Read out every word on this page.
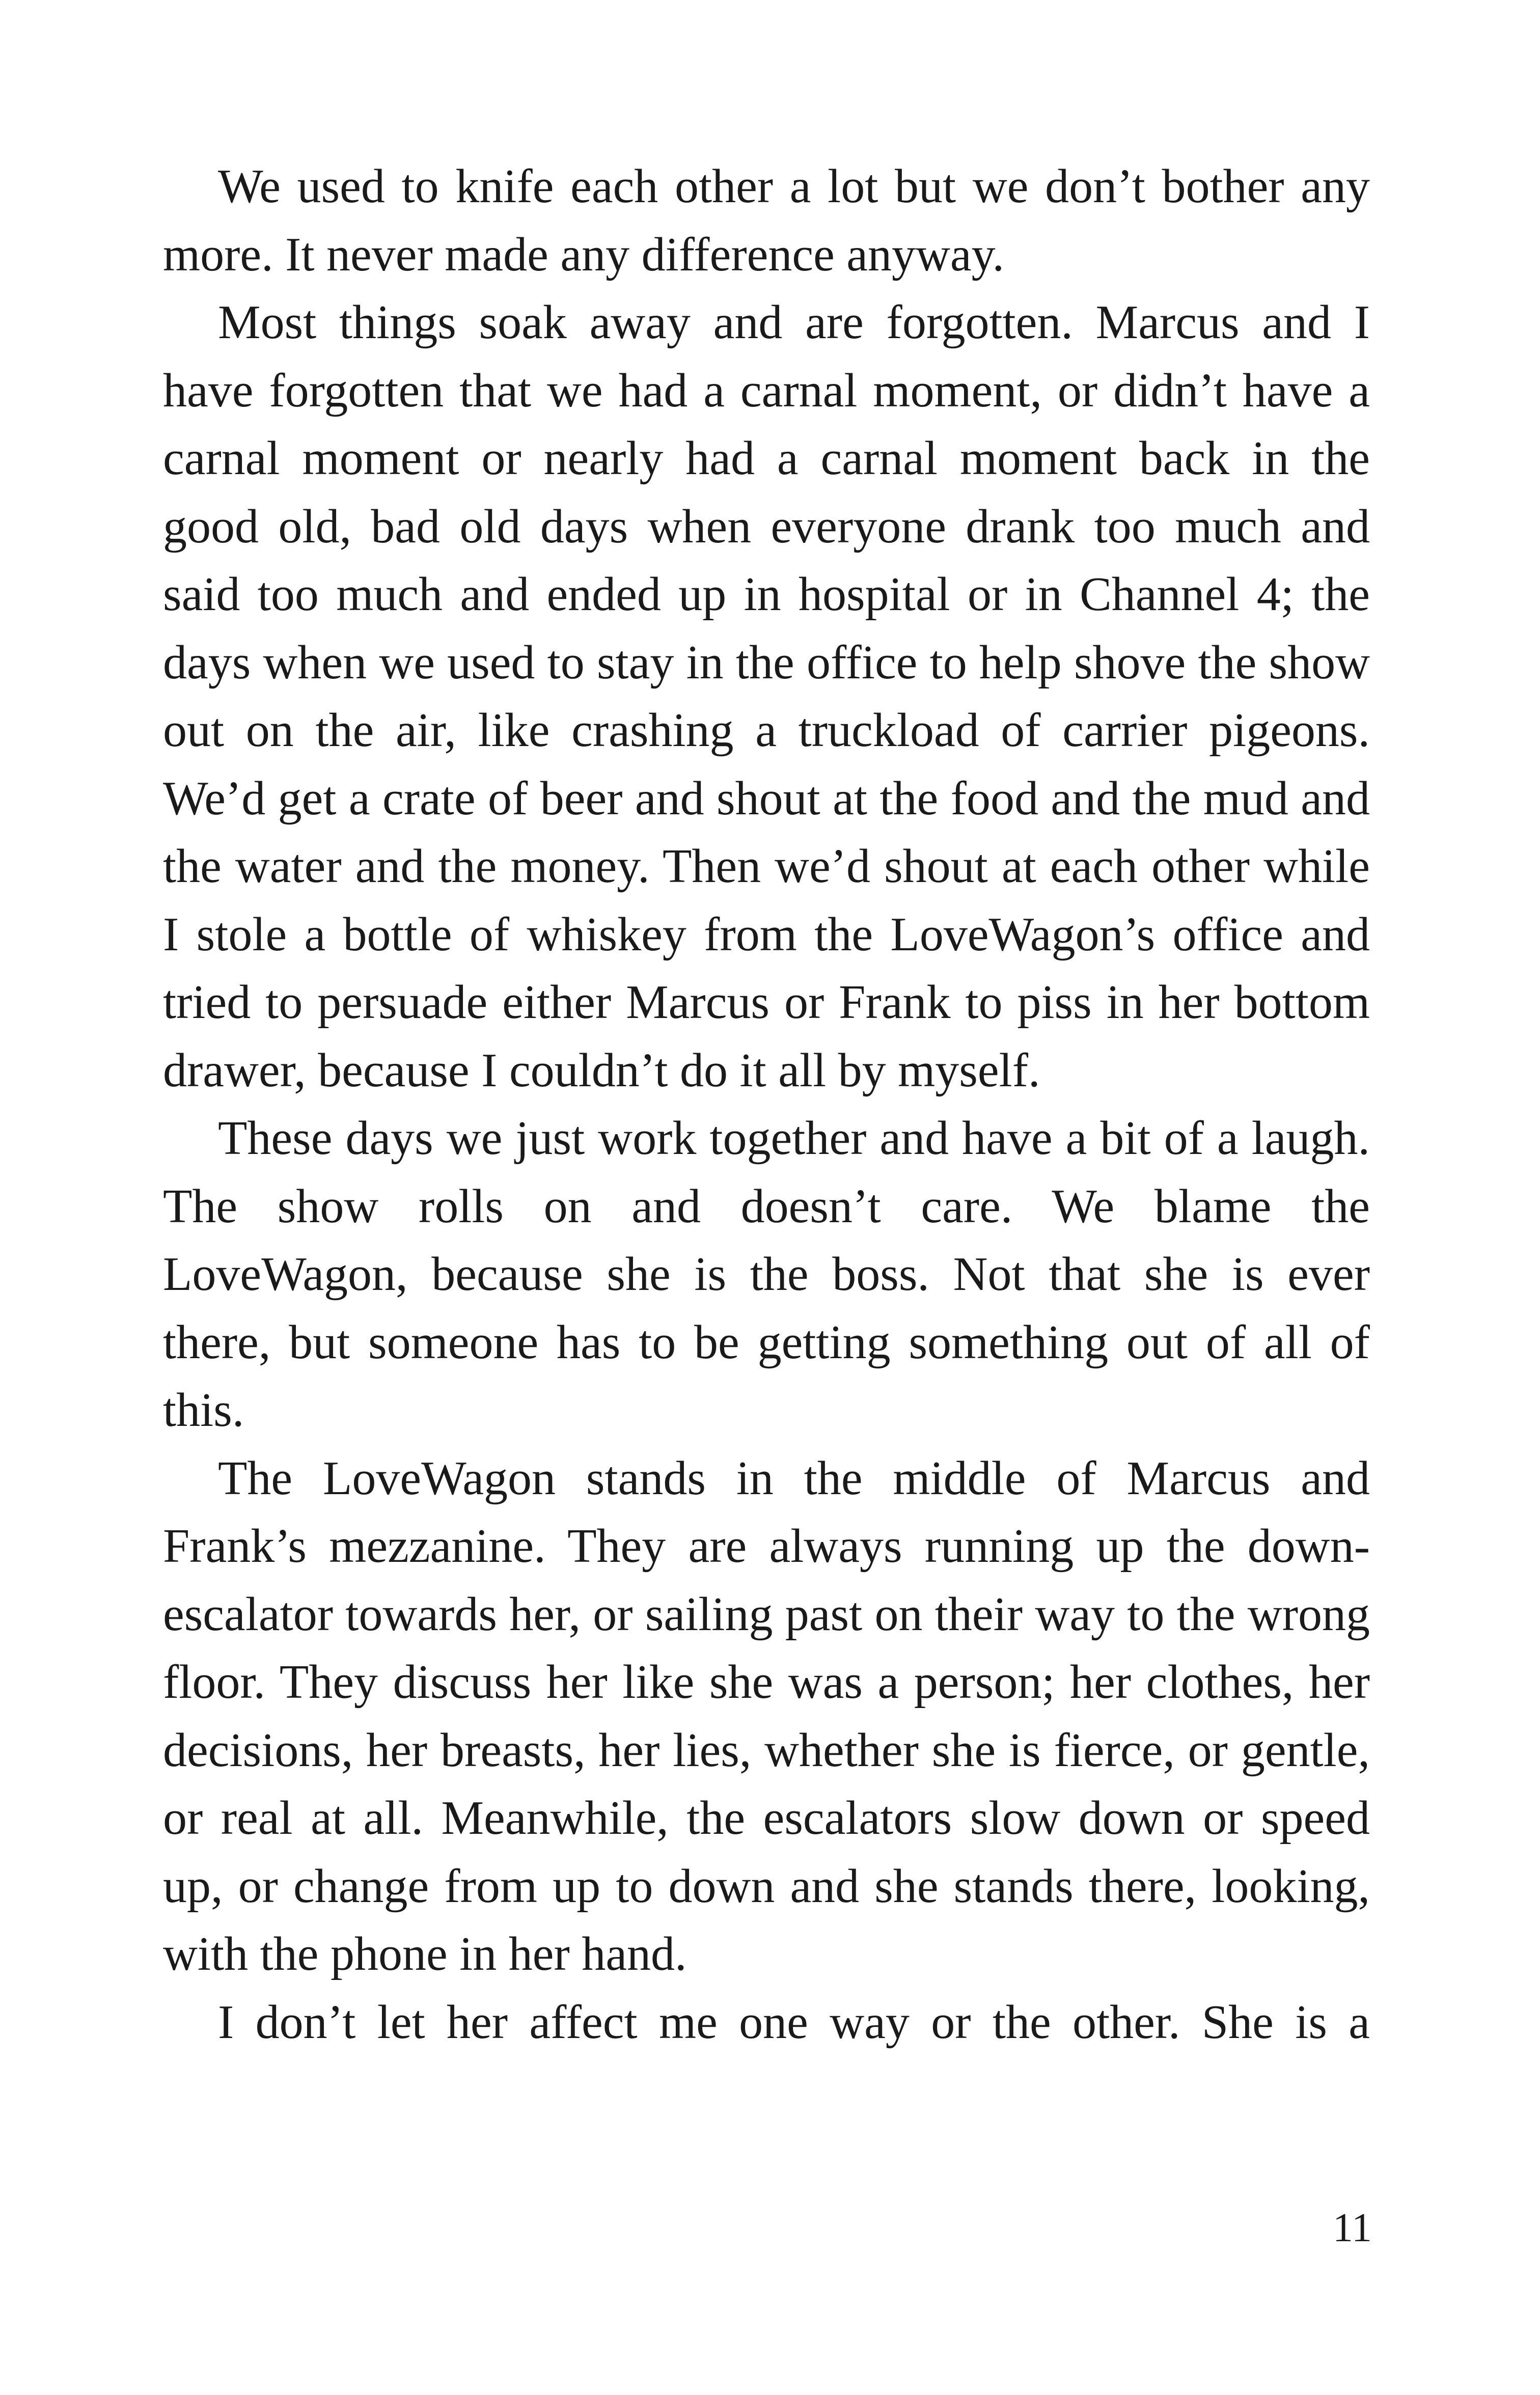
We used to knife each other a lot but we don’t bother any more. It never made any difference anyway.

Most things soak away and are forgotten. Marcus and I have forgotten that we had a carnal moment, or didn’t have a carnal moment or nearly had a carnal moment back in the good old, bad old days when everyone drank too much and said too much and ended up in hospital or in Channel 4; the days when we used to stay in the office to help shove the show out on the air, like crashing a truckload of carrier pigeons. We’d get a crate of beer and shout at the food and the mud and the water and the money. Then we’d shout at each other while I stole a bottle of whiskey from the LoveWagon’s office and tried to persuade either Marcus or Frank to piss in her bottom drawer, because I couldn’t do it all by myself.

These days we just work together and have a bit of a laugh. The show rolls on and doesn’t care. We blame the LoveWagon, because she is the boss. Not that she is ever there, but someone has to be getting something out of all of this.

The LoveWagon stands in the middle of Marcus and Frank’s mezzanine. They are always running up the down-escalator towards her, or sailing past on their way to the wrong floor. They discuss her like she was a person; her clothes, her decisions, her breasts, her lies, whether she is fierce, or gentle, or real at all. Meanwhile, the escalators slow down or speed up, or change from up to down and she stands there, looking, with the phone in her hand.

I don’t let her affect me one way or the other. She is a

11
